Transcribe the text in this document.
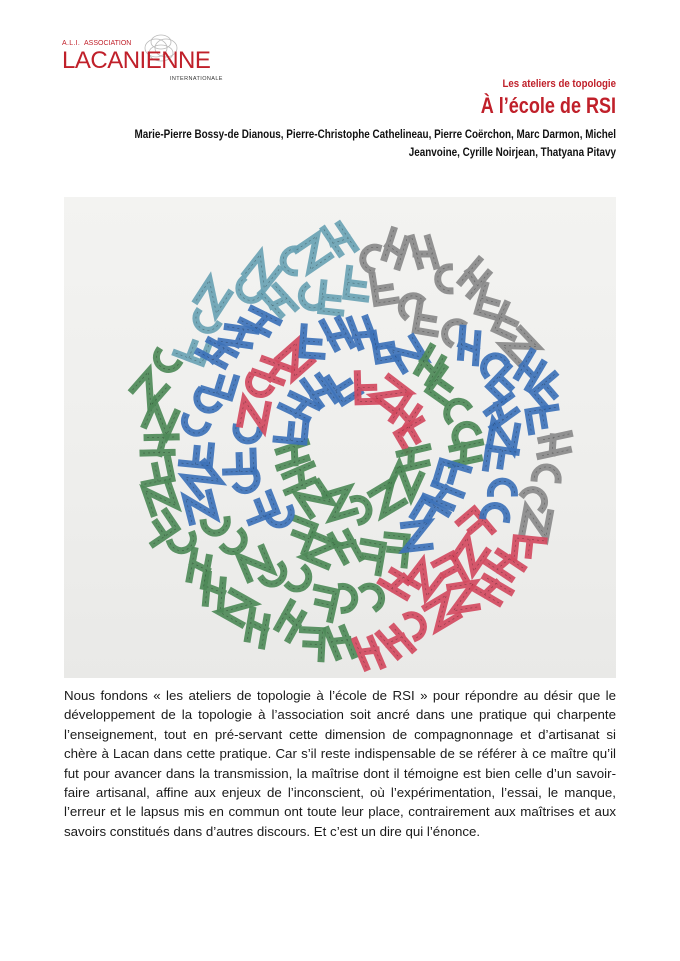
A.L.I. ASSOCIATION
LACANIENNE
INTERNATIONALE	Les ateliers de topologie
À l’école de RSI
Marie-Pierre Bossy-de Dianous, Pierre-Christophe Cathelineau, Pierre Coërchon, Marc Darmon, Michel Jeanvoine, Cyrille Noirjean, Thatyana Pitavy
Nous fondons « les ateliers de topologie à l’école de RSI » pour répondre au désir que le développement de la topologie à l’association soit ancré dans une pratique qui charpente l’enseignement, tout en pré-servant cette dimension de compagnonnage et d’artisanat si chère à Lacan dans cette pratique. Car s’il reste indispensable de se référer à ce maître qu’il fut pour avancer dans la transmission, la maîtrise dont il témoigne est bien celle d’un savoir-faire artisanal, affine aux enjeux de l’inconscient, où l’expérimentation, l’essai, le manque, l’erreur et le lapsus mis en commun ont toute leur place, contrairement aux maîtrises et aux savoirs constitués dans d’autres discours. Et c’est un dire qui l’énonce.
